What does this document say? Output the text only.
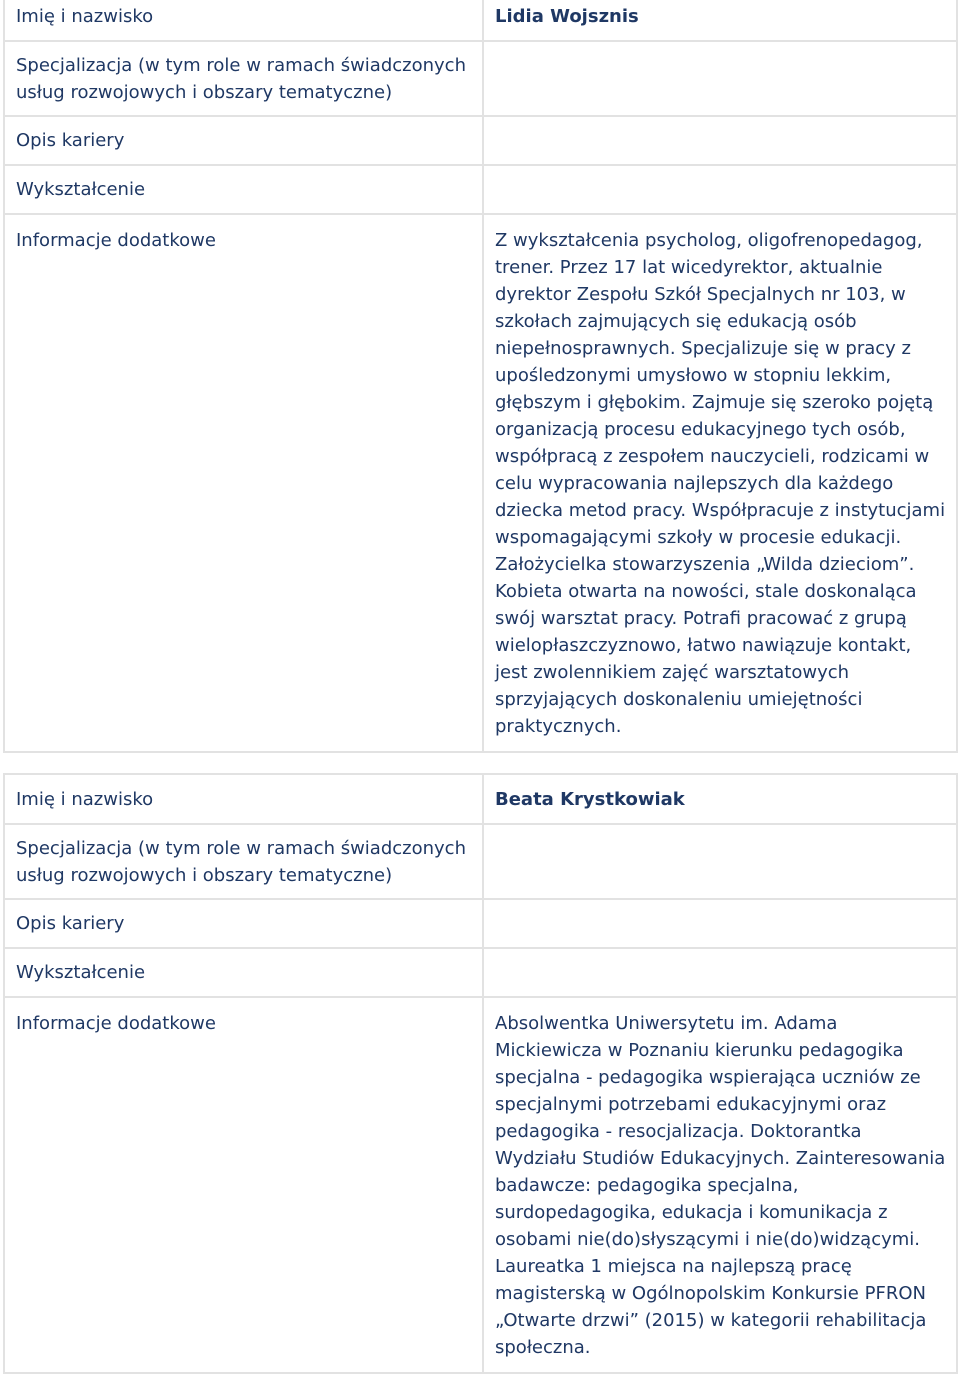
Imię i nazwisko	Lidia Wojsznis
Specjalizacja (w tym role w ramach świadczonych usług rozwojowych i obszary tematyczne)	
Opis kariery	
Wykształcenie	
Informacje dodatkowe	Z wykształcenia psycholog, oligofrenopedagog, trener. Przez 17 lat wicedyrektor, aktualnie dyrektor Zespołu Szkół Specjalnych nr 103, w szkołach zajmujących się edukacją osób niepełnosprawnych. Specjalizuje się w pracy z upośledzonymi umysłowo w stopniu lekkim, głębszym i głębokim. Zajmuje się szeroko pojętą organizacją procesu edukacyjnego tych osób, współpracą z zespołem nauczycieli, rodzicami w celu wypracowania najlepszych dla każdego dziecka metod pracy. Współpracuje z instytucjami wspomagającymi szkoły w procesie edukacji. Założycielka stowarzyszenia „Wilda dzieciom”. Kobieta otwarta na nowości, stale doskonaląca swój warsztat pracy. Potrafi pracować z grupą wielopłaszczyznowo, łatwo nawiązuje kontakt, jest zwolennikiem zajęć warsztatowych sprzyjających doskonaleniu umiejętności praktycznych.
Imię i nazwisko	Beata Krystkowiak
Specjalizacja (w tym role w ramach świadczonych usług rozwojowych i obszary tematyczne)	
Opis kariery	
Wykształcenie	
Informacje dodatkowe	Absolwentka Uniwersytetu im. Adama Mickiewicza w Poznaniu kierunku pedagogika specjalna - pedagogika wspierająca uczniów ze specjalnymi potrzebami edukacyjnymi oraz pedagogika - resocjalizacja. Doktorantka Wydziału Studiów Edukacyjnych. Zainteresowania badawcze: pedagogika specjalna, surdopedagogika, edukacja i komunikacja z osobami nie(do)słyszącymi i nie(do)widzącymi. Laureatka 1 miejsca na najlepszą pracę magisterską w Ogólnopolskim Konkursie PFRON „Otwarte drzwi” (2015) w kategorii rehabilitacja społeczna.
